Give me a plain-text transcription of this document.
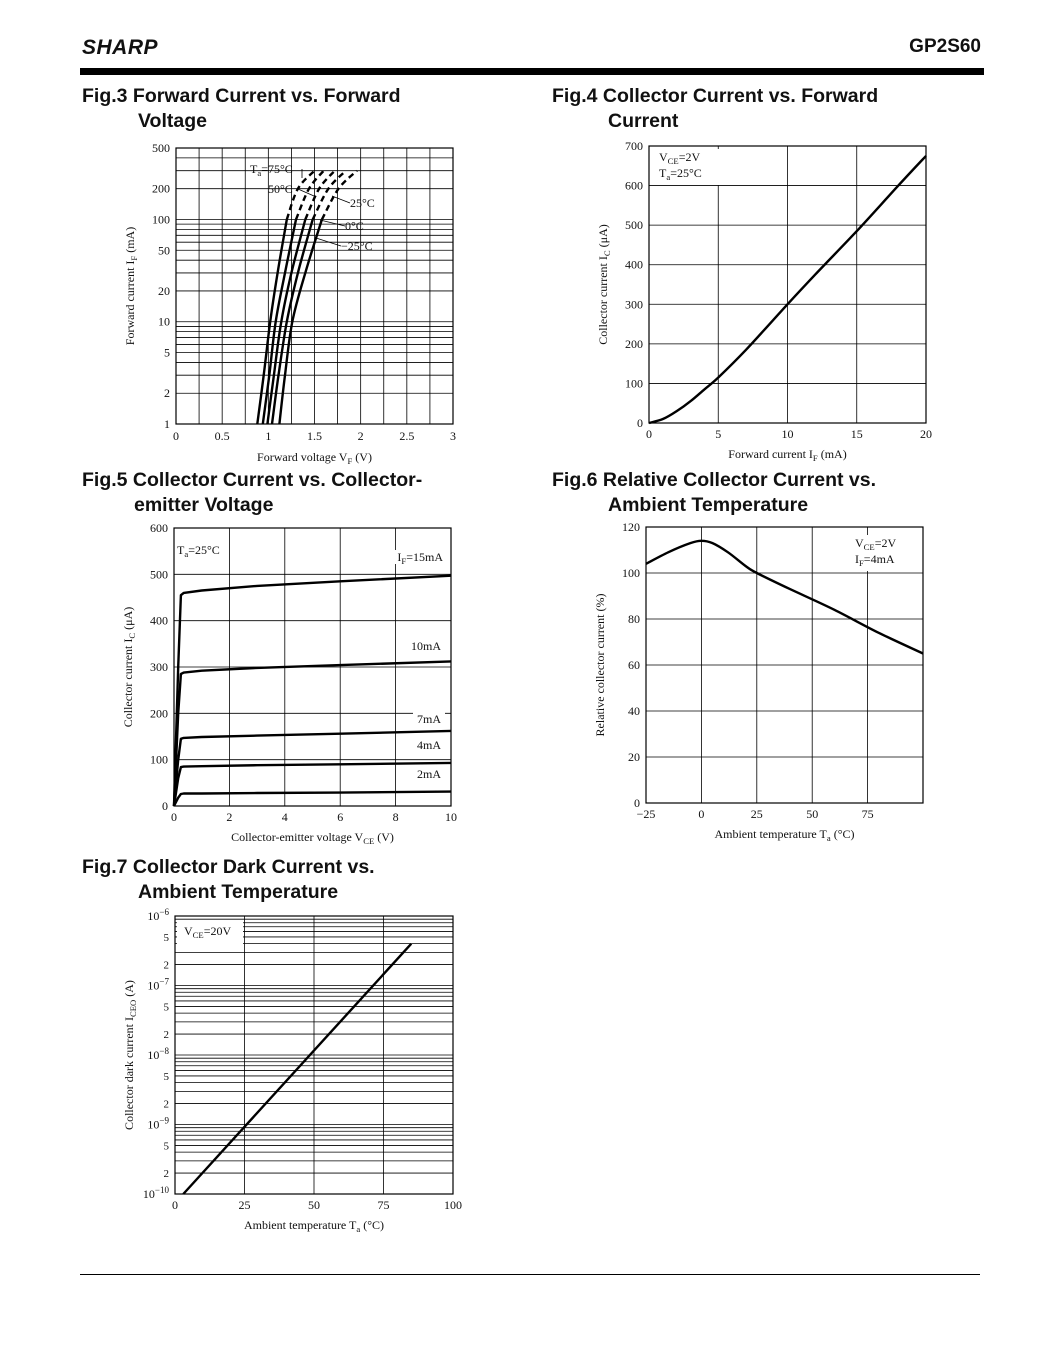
SHARP	GP2S60
Fig.3 Forward Current vs. Forward
Voltage
Fig.4 Collector Current vs. Forward
Current
Fig.5 Collector Current vs. Collector-
emitter Voltage
Fig.6 Relative Collector Current vs.
Ambient Temperature
Fig.7 Collector Dark Current vs.
Ambient Temperature
0	0.5	1	1.5	2	2.5	3
1
2
5
10
20
50
100
200
500
Forward voltage $V_F$ (V)
Forward current $I_F$ (mA)
$T_a=75^\circ C$
50°C
25°C
0°C
−25°C
0	5	10	15	20
0
100
200
300
400
500
600
700
Forward current $I_F$ (mA)
Collector current $I_C$ (μA)
$V_{CE}=2V$
$T_a=25^\circ C$
0	2	4	6	8	10
0
100
200
300
400
500
600
Collector-emitter voltage $V_{CE}$ (V)
Collector current $I_C$ (μA)
$T_a=25^\circ C$	$I_F=15mA$
10mA
7mA
4mA
2mA
−25	0	25	50	75
0
20
40
60
80
100
120
Ambient temperature $T_a$ (°C)
Relative collector current (%)
$V_{CE}=2V$
$I_F=4mA$
0	25	50	75	100
$10^{-10}$
$10^{-9}$
$10^{-8}$
$10^{-7}$
$10^{-6}$
2
5
2
5
2
5
2
5
Ambient temperature $T_a$ (°C)
Collector dark current $I_{CEO}$ (A)
$V_{CE}=20V$
